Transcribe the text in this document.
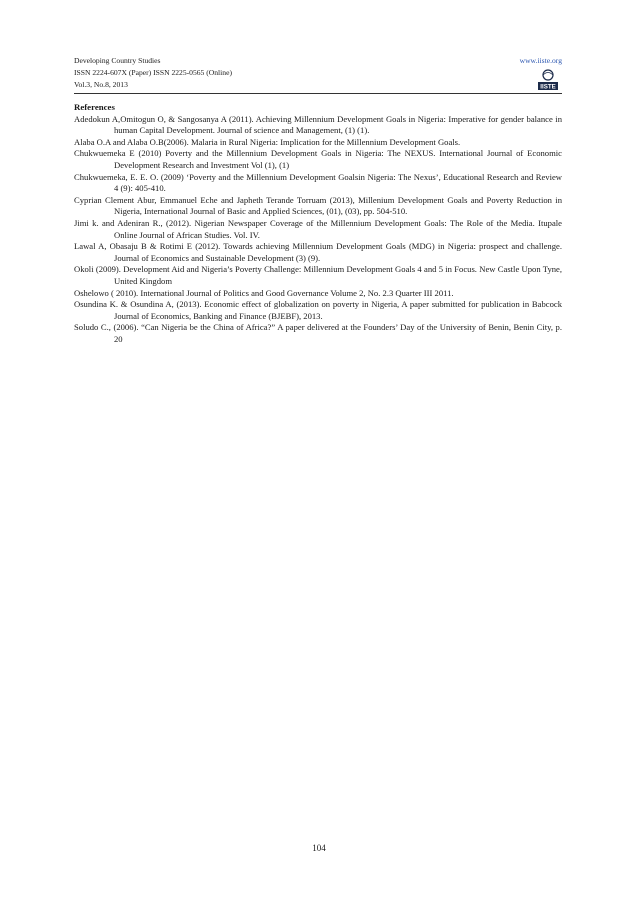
Developing Country Studies
ISSN 2224-607X (Paper) ISSN 2225-0565 (Online)
Vol.3, No.8, 2013
www.iiste.org
IISTE
References
Adedokun A,Omitogun O, & Sangosanya A (2011). Achieving Millennium Development Goals in Nigeria: Imperative for gender balance in human Capital Development. Journal of science and Management, (1) (1).
Alaba O.A and Alaba O.B(2006). Malaria in Rural Nigeria: Implication for the Millennium Development Goals.
Chukwuemeka E (2010) Poverty and the Millennium Development Goals in Nigeria: The NEXUS. International Journal of Economic Development Research and Investment Vol (1), (1)
Chukwuemeka, E. E. O. (2009) ‘Poverty and the Millennium Development Goalsin Nigeria: The Nexus’, Educational Research and Review 4 (9): 405-410.
Cyprian Clement Abur, Emmanuel Eche and Japheth Terande Torruam (2013), Millenium Development Goals and Poverty Reduction in Nigeria, International Journal of Basic and Applied Sciences, (01), (03), pp. 504-510.
Jimi k. and Adeniran R., (2012). Nigerian Newspaper Coverage of the Millennium Development Goals: The Role of the Media. Itupale Online Journal of African Studies. Vol. IV.
Lawal A, Obasaju B & Rotimi E (2012). Towards achieving Millennium Development Goals (MDG) in Nigeria: prospect and challenge. Journal of Economics and Sustainable Development (3) (9).
Okoli (2009). Development Aid and Nigeria’s Poverty Challenge: Millennium Development Goals 4 and 5 in Focus. New Castle Upon Tyne, United Kingdom
Oshelowo ( 2010). International Journal of Politics and Good Governance Volume 2, No. 2.3 Quarter III 2011.
Osundina K. & Osundina A, (2013). Economic effect of globalization on poverty in Nigeria, A paper submitted for publication in Babcock Journal of Economics, Banking and Finance (BJEBF), 2013.
Soludo C., (2006). “Can Nigeria be the China of Africa?” A paper delivered at the Founders’ Day of the University of Benin, Benin City, p. 20
104
